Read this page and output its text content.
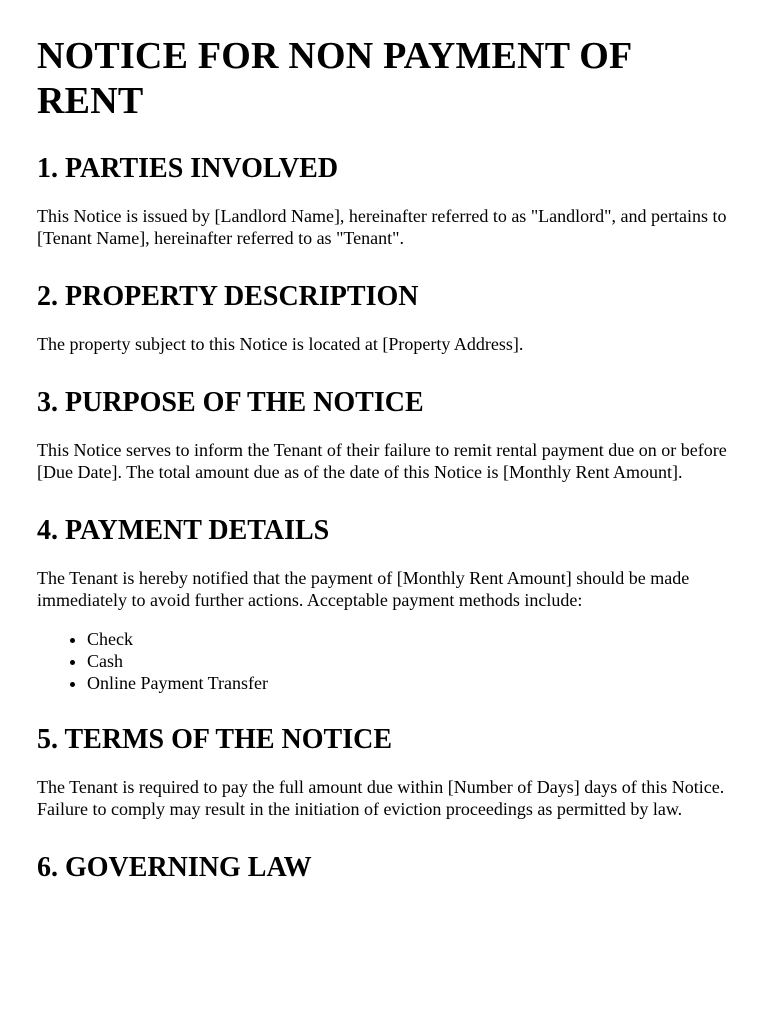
NOTICE FOR NON PAYMENT OF RENT
1. PARTIES INVOLVED

This Notice is issued by [Landlord Name], hereinafter referred to as "Landlord", and pertains to [Tenant Name], hereinafter referred to as "Tenant".

2. PROPERTY DESCRIPTION

The property subject to this Notice is located at [Property Address].

3. PURPOSE OF THE NOTICE

This Notice serves to inform the Tenant of their failure to remit rental payment due on or before [Due Date]. The total amount due as of the date of this Notice is [Monthly Rent Amount].

4. PAYMENT DETAILS

The Tenant is hereby notified that the payment of [Monthly Rent Amount] should be made immediately to avoid further actions. Acceptable payment methods include:

• Check
• Cash
• Online Payment Transfer
5. TERMS OF THE NOTICE

The Tenant is required to pay the full amount due within [Number of Days] days of this Notice. Failure to comply may result in the initiation of eviction proceedings as permitted by law.

6. GOVERNING LAW
